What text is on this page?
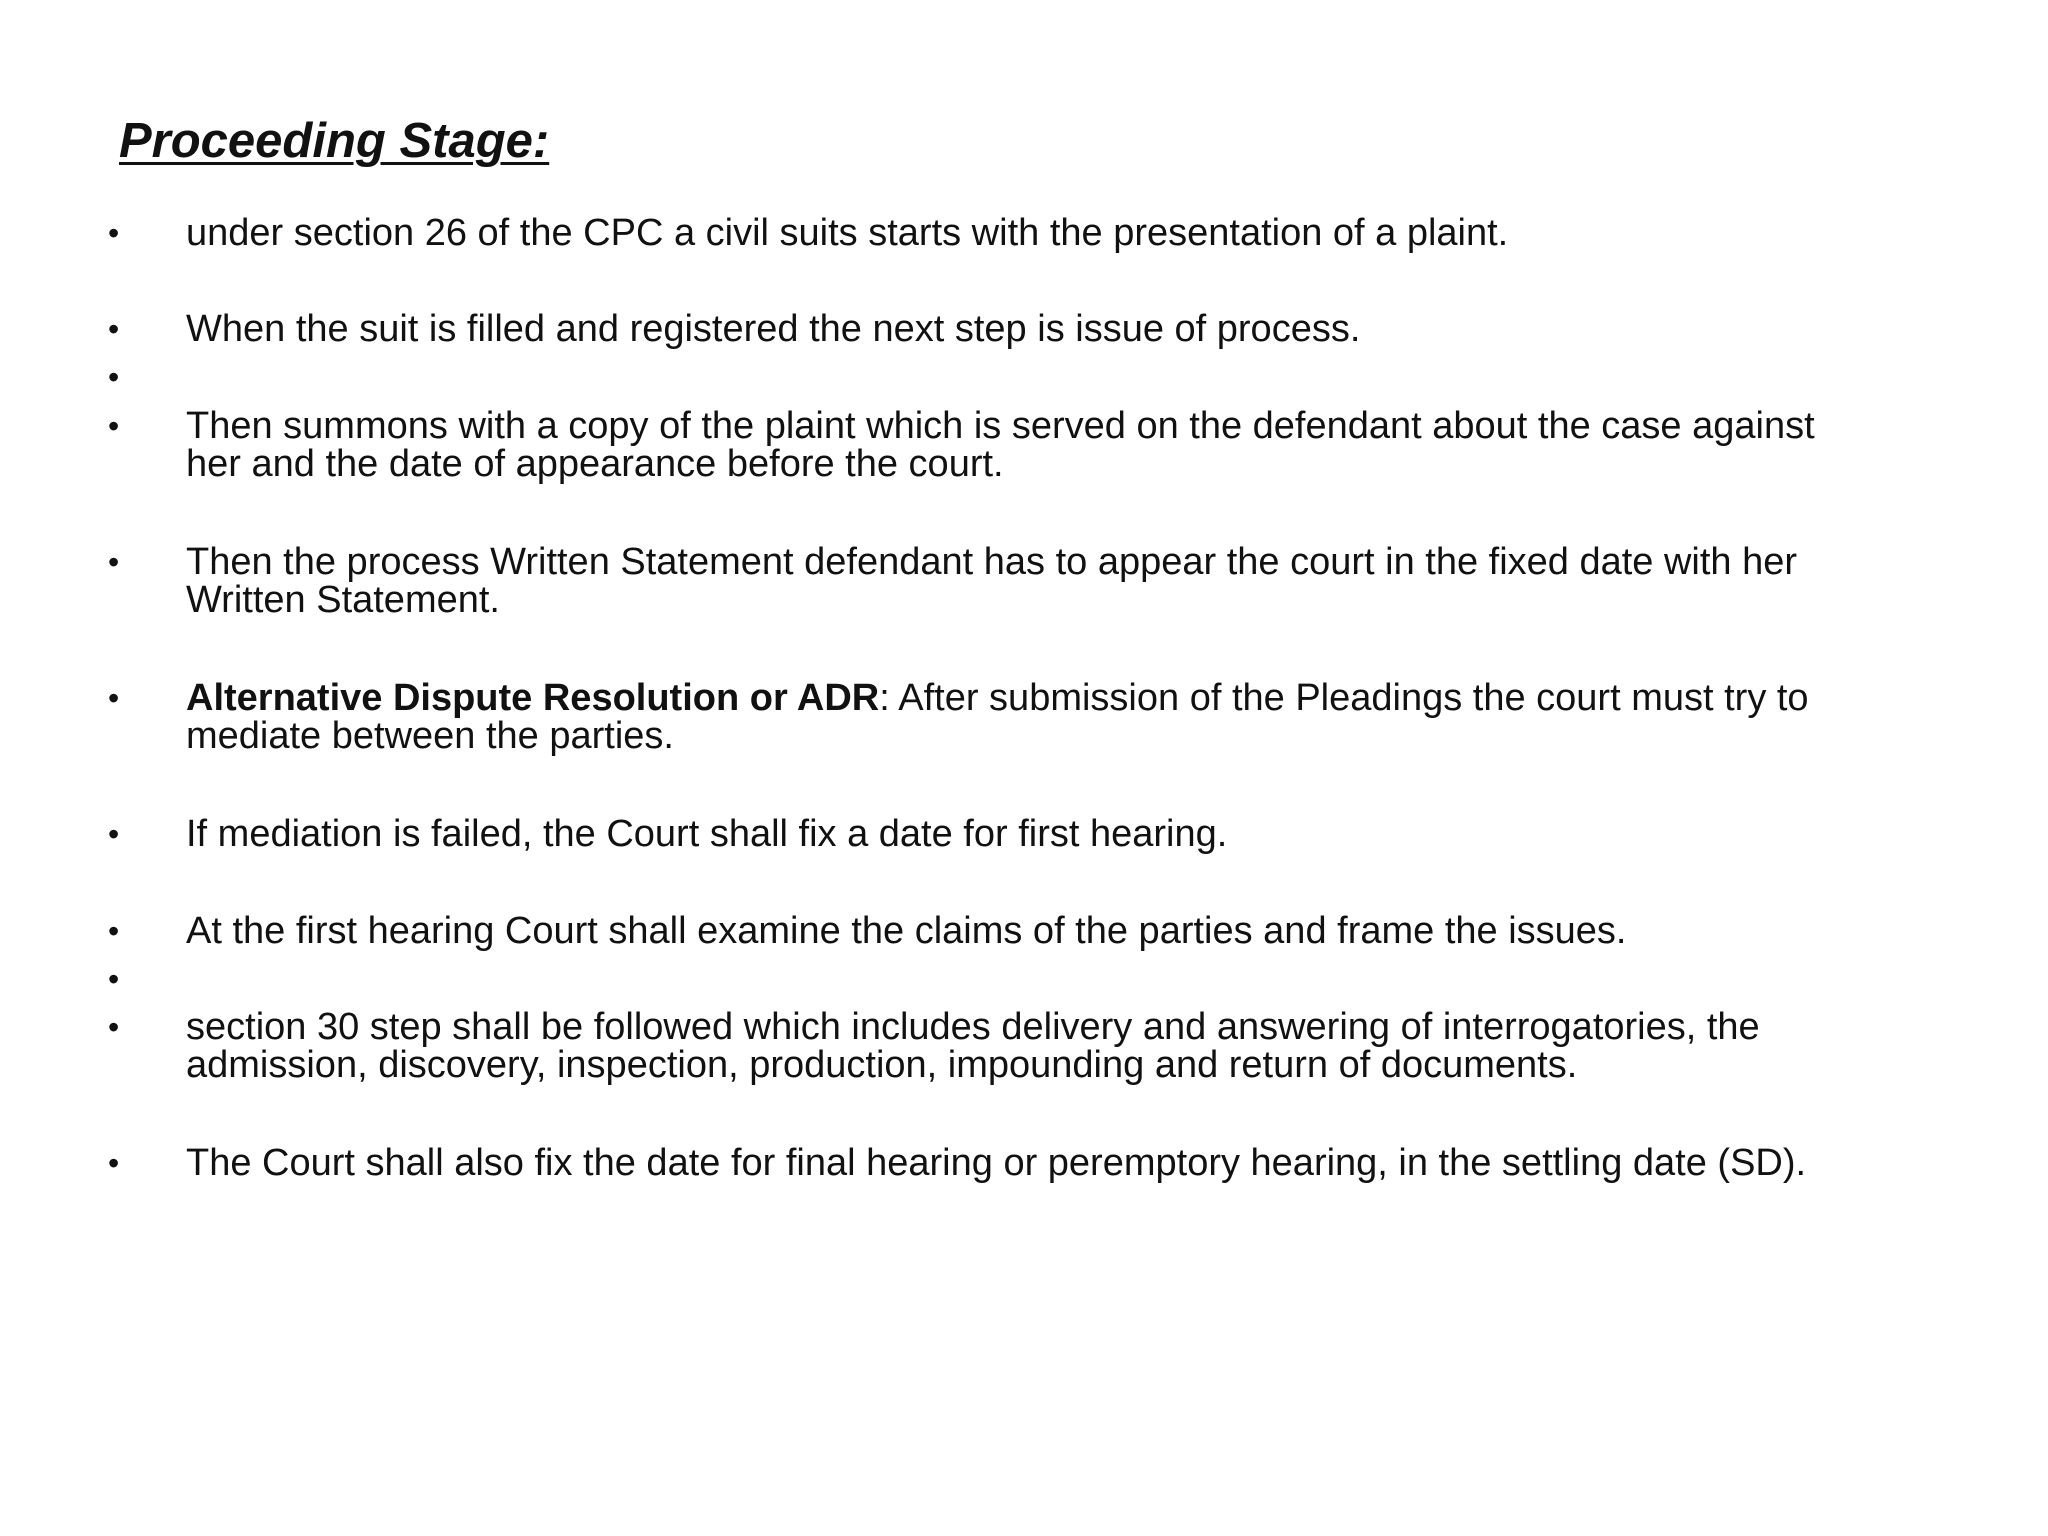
Proceeding Stage:
• under section 26 of the CPC a civil suits starts with the presentation of a plaint.
• When the suit is filled and registered the next step is issue of process.
•
• Then summons with a copy of the plaint which is served on the defendant about the case against
her and the date of appearance before the court.
• Then the process Written Statement defendant has to appear the court in the fixed date with her
Written Statement.
• Alternative Dispute Resolution or ADR: After submission of the Pleadings the court must try to
mediate between the parties.
• If mediation is failed, the Court shall fix a date for first hearing.
• At the first hearing Court shall examine the claims of the parties and frame the issues.
•
• section 30 step shall be followed which includes delivery and answering of interrogatories, the
admission, discovery, inspection, production, impounding and return of documents.
• The Court shall also fix the date for final hearing or peremptory hearing, in the settling date (SD).
